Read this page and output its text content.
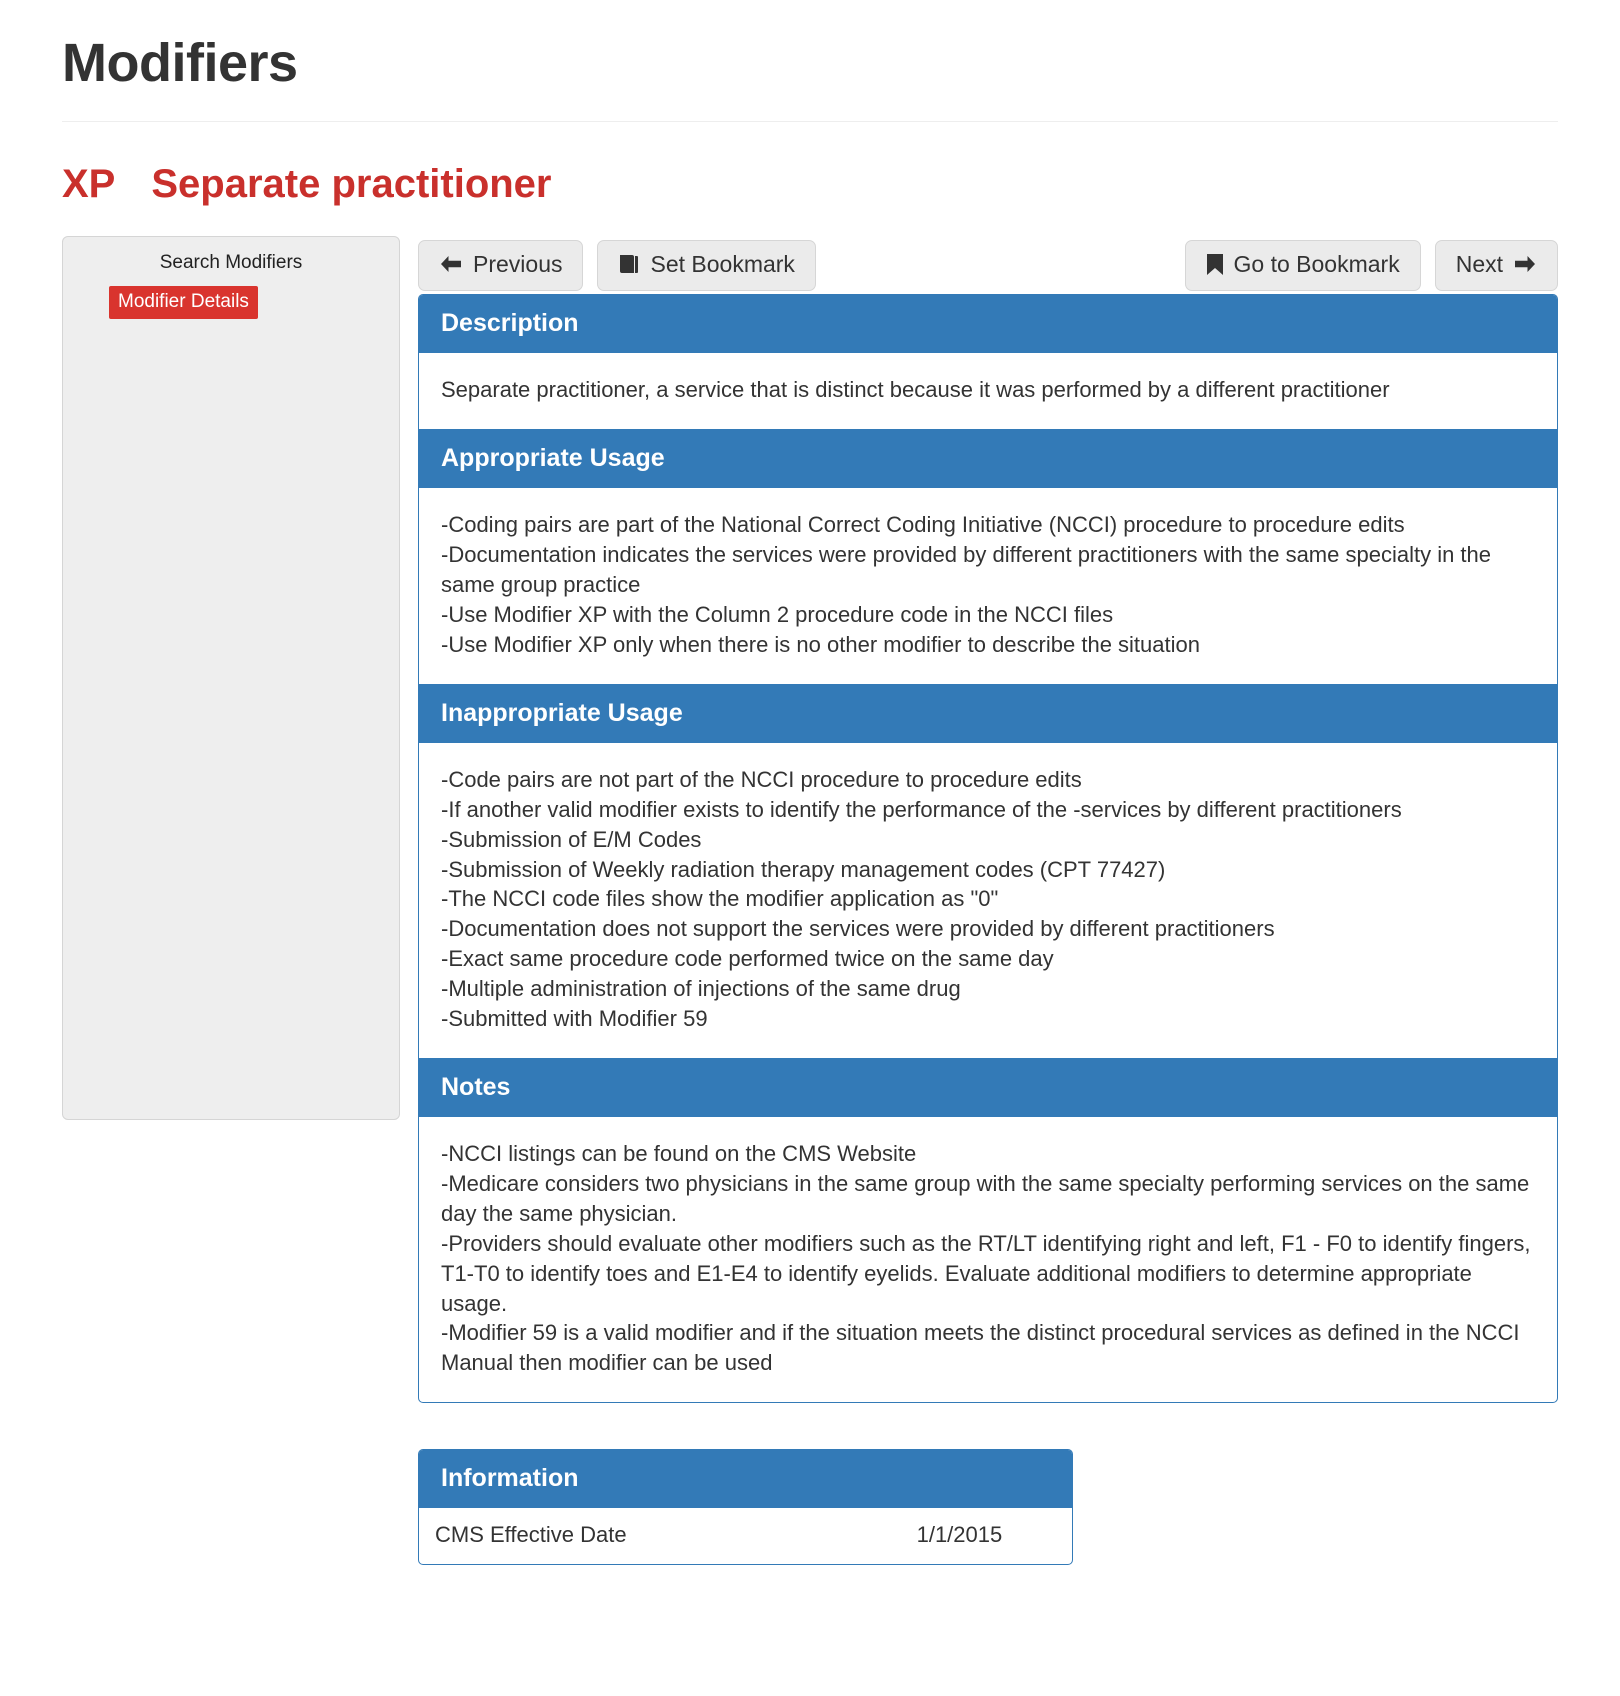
Modifiers
XP Separate practitioner
Search Modifiers
Modifier Details
Previous	Set Bookmark	Go to Bookmark Next
Description
Separate practitioner, a service that is distinct because it was performed by a different practitioner
Appropriate Usage
-Coding pairs are part of the National Correct Coding Initiative (NCCI) procedure to procedure edits
-Documentation indicates the services were provided by different practitioners with the same specialty in the same group practice
-Use Modifier XP with the Column 2 procedure code in the NCCI files
-Use Modifier XP only when there is no other modifier to describe the situation
Inappropriate Usage
-Code pairs are not part of the NCCI procedure to procedure edits
-If another valid modifier exists to identify the performance of the -services by different practitioners
-Submission of E/M Codes
-Submission of Weekly radiation therapy management codes (CPT 77427)
-The NCCI code files show the modifier application as "0"
-Documentation does not support the services were provided by different practitioners
-Exact same procedure code performed twice on the same day
-Multiple administration of injections of the same drug
-Submitted with Modifier 59
Notes
-NCCI listings can be found on the CMS Website
-Medicare considers two physicians in the same group with the same specialty performing services on the same day the same physician.
-Providers should evaluate other modifiers such as the RT/LT identifying right and left, F1 - F0 to identify fingers, T1-T0 to identify toes and E1-E4 to identify eyelids. Evaluate additional modifiers to determine appropriate usage.
-Modifier 59 is a valid modifier and if the situation meets the distinct procedural services as defined in the NCCI Manual then modifier can be used
Information
CMS Effective Date	1/1/2015
